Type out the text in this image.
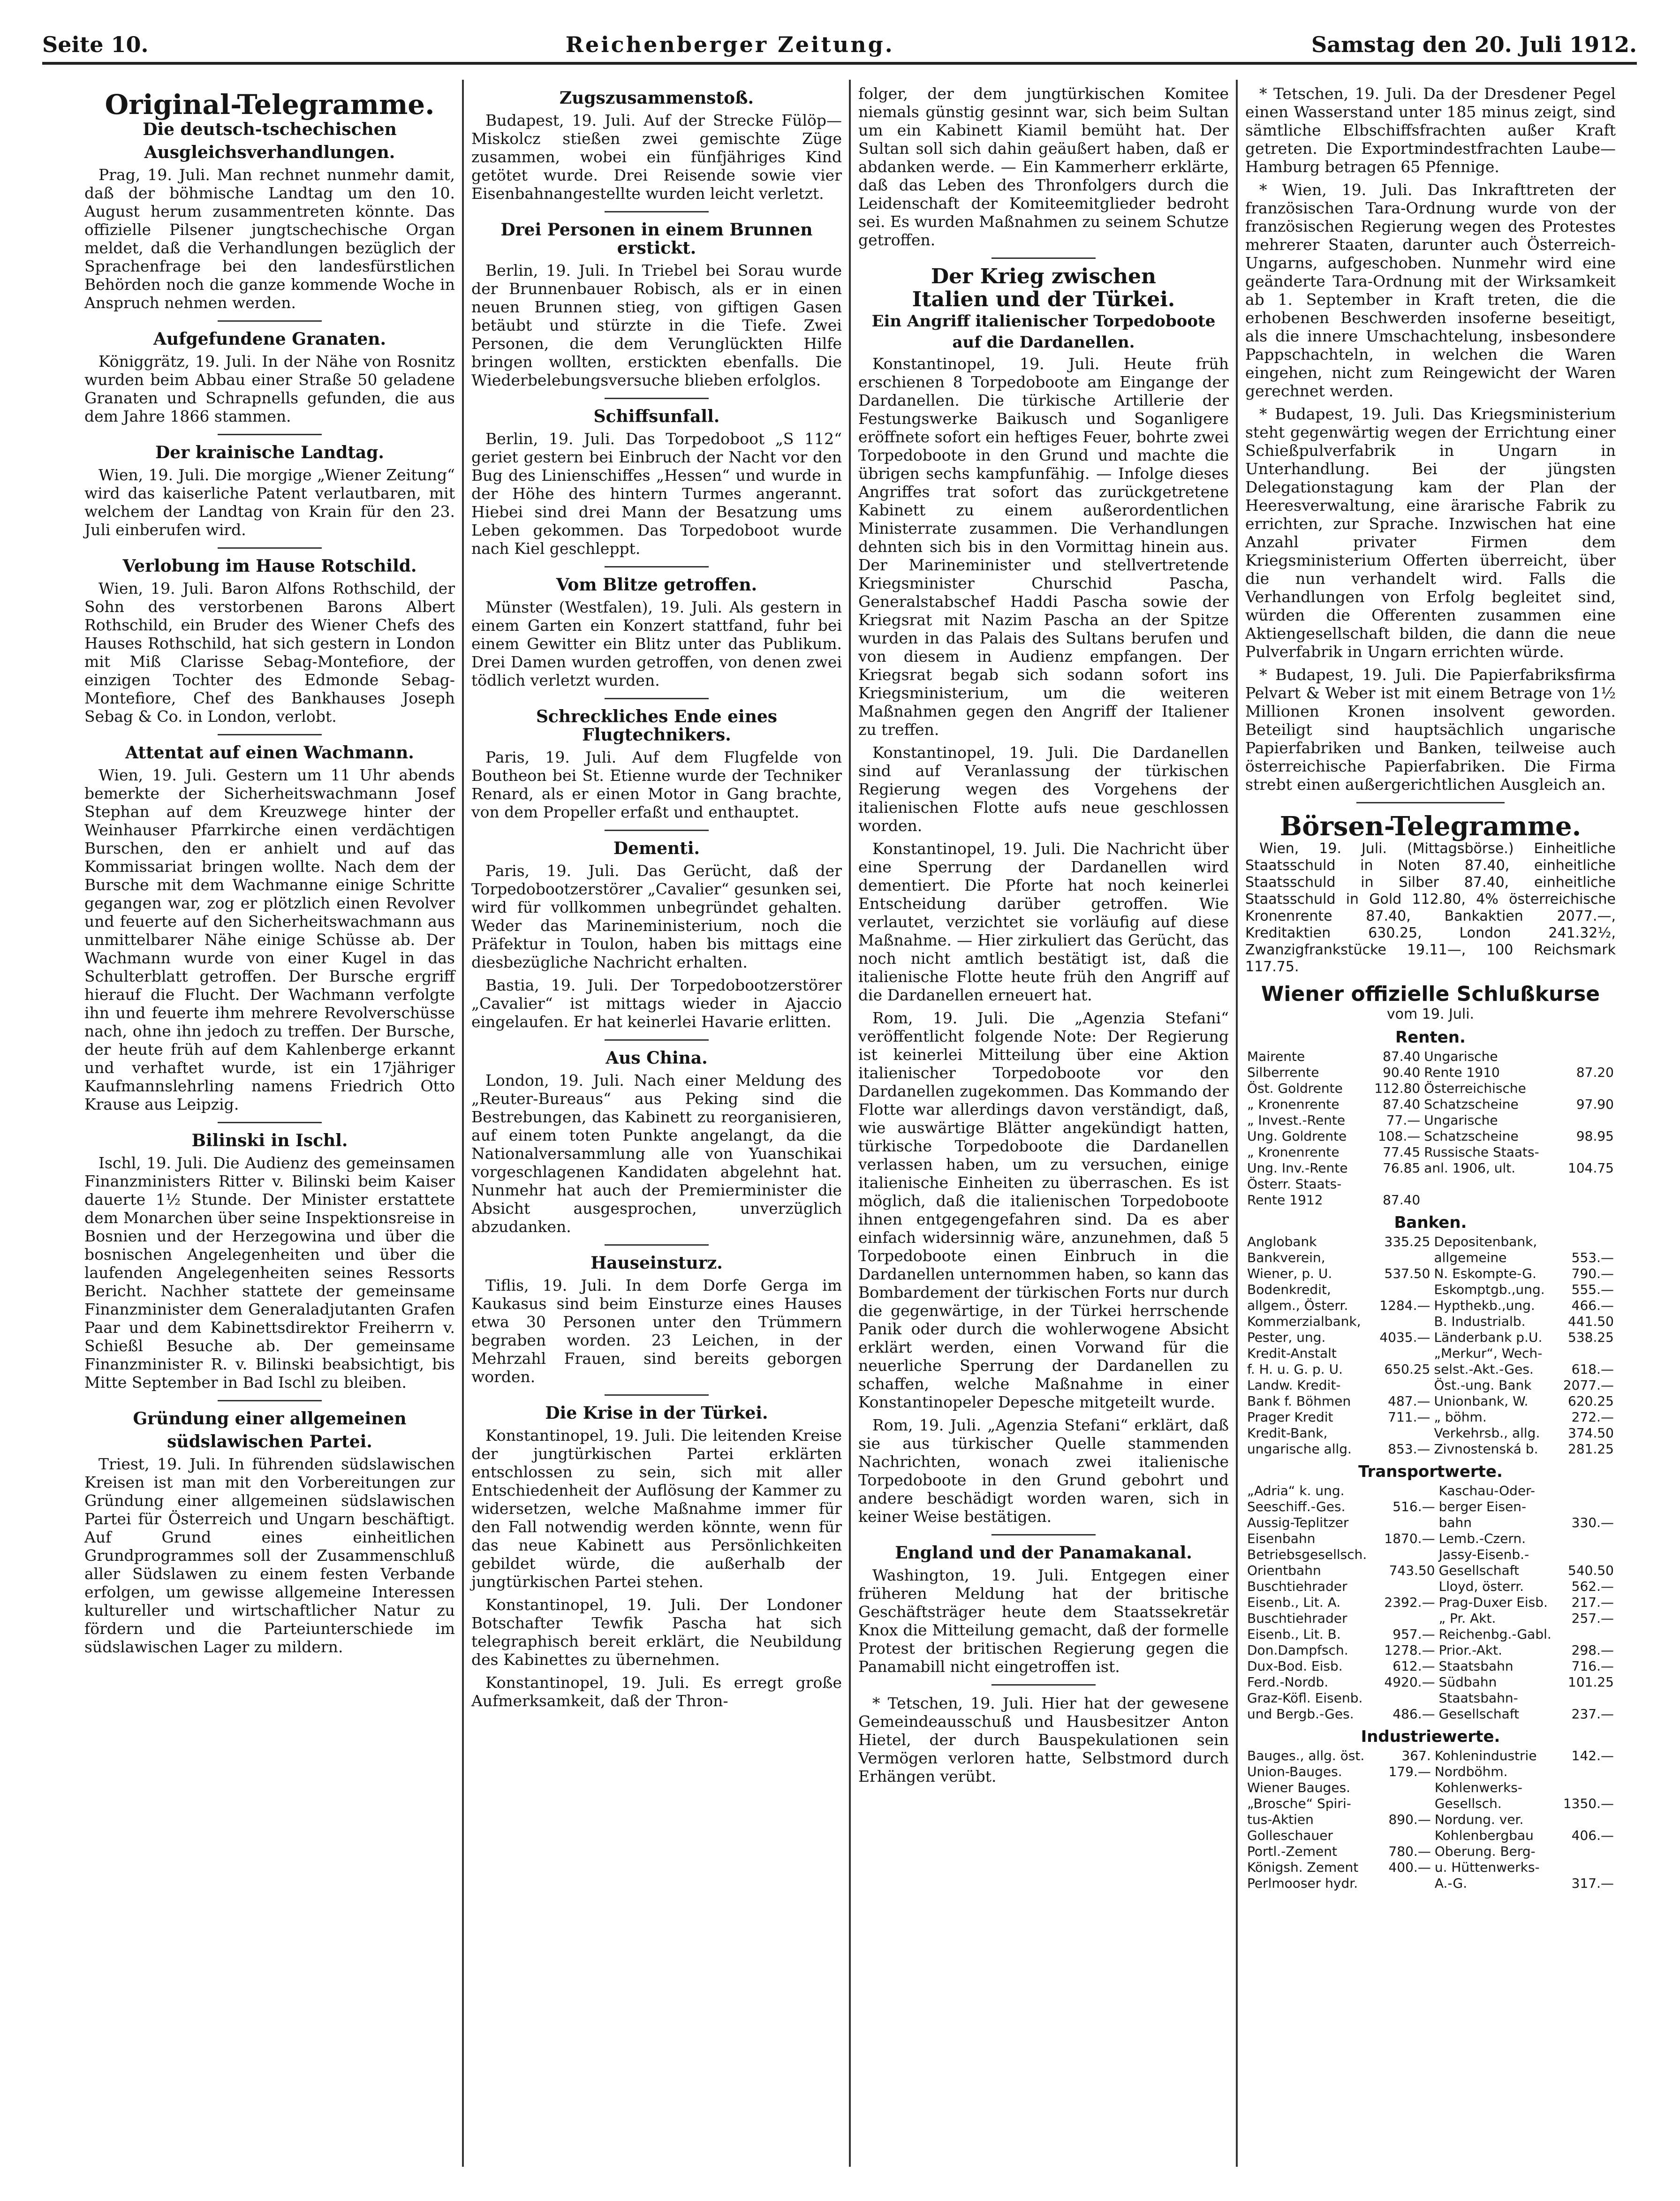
Seite 10.	Reichenberger Zeitung.	Samstag den 20. Juli 1912.
Original-Telegramme.
Die deutsch-tschechischen
Ausgleichsverhandlungen.

Prag, 19. Juli. Man rechnet nunmehr damit, daß der böhmische Landtag um den 10. August herum zusammentreten könnte. Das offizielle Pilsener jungtschechische Organ meldet, daß die Verhandlungen bezüglich der Sprachenfrage bei den landesfürstlichen Behörden noch die ganze kommende Woche in Anspruch nehmen werden.

Aufgefundene Granaten.

Königgrätz, 19. Juli. In der Nähe von Rosnitz wurden beim Abbau einer Straße 50 geladene Granaten und Schrapnells gefunden, die aus dem Jahre 1866 stammen.

Der krainische Landtag.

Wien, 19. Juli. Die morgige „Wiener Zeitung“ wird das kaiserliche Patent verlautbaren, mit welchem der Landtag von Krain für den 23. Juli einberufen wird.

Verlobung im Hause Rotschild.

Wien, 19. Juli. Baron Alfons Rothschild, der Sohn des verstorbenen Barons Albert Rothschild, ein Bruder des Wiener Chefs des Hauses Rothschild, hat sich gestern in London mit Miß Clarisse Sebag-Montefiore, der einzigen Tochter des Edmonde Sebag-Montefiore, Chef des Bankhauses Joseph Sebag & Co. in London, verlobt.

Attentat auf einen Wachmann.

Wien, 19. Juli. Gestern um 11 Uhr abends bemerkte der Sicherheitswachmann Josef Stephan auf dem Kreuzwege hinter der Weinhauser Pfarrkirche einen verdächtigen Burschen, den er anhielt und auf das Kommissariat bringen wollte. Nach dem der Bursche mit dem Wachmanne einige Schritte gegangen war, zog er plötzlich einen Revolver und feuerte auf den Sicherheitswachmann aus unmittelbarer Nähe einige Schüsse ab. Der Wachmann wurde von einer Kugel in das Schulterblatt getroffen. Der Bursche ergriff hierauf die Flucht. Der Wachmann verfolgte ihn und feuerte ihm mehrere Revolverschüsse nach, ohne ihn jedoch zu treffen. Der Bursche, der heute früh auf dem Kahlenberge erkannt und verhaftet wurde, ist ein 17jähriger Kaufmannslehrling namens Friedrich Otto Krause aus Leipzig.

Bilinski in Ischl.

Ischl, 19. Juli. Die Audienz des gemeinsamen Finanzministers Ritter v. Bilinski beim Kaiser dauerte 1½ Stunde. Der Minister erstattete dem Monarchen über seine Inspektionsreise in Bosnien und der Herzegowina und über die bosnischen Angelegenheiten und über die laufenden Angelegenheiten seines Ressorts Bericht. Nachher stattete der gemeinsame Finanzminister dem Generaladjutanten Grafen Paar und dem Kabinettsdirektor Freiherrn v. Schießl Besuche ab. Der gemeinsame Finanzminister R. v. Bilinski beabsichtigt, bis Mitte September in Bad Ischl zu bleiben.

Gründung einer allgemeinen
südslawischen Partei.

Triest, 19. Juli. In führenden südslawischen Kreisen ist man mit den Vorbereitungen zur Gründung einer allgemeinen südslawischen Partei für Österreich und Ungarn beschäftigt. Auf Grund eines einheitlichen Grundprogrammes soll der Zusammenschluß aller Südslawen zu einem festen Verbande erfolgen, um gewisse allgemeine Interessen kultureller und wirtschaftlicher Natur zu fördern und die Parteiunterschiede im südslawischen Lager zu mildern.

Zugszusammenstoß.

Budapest, 19. Juli. Auf der Strecke Fülöp—Miskolcz stießen zwei gemischte Züge zusammen, wobei ein fünfjähriges Kind getötet wurde. Drei Reisende sowie vier Eisenbahnangestellte wurden leicht verletzt.

Drei Personen in einem Brunnen erstickt.

Berlin, 19. Juli. In Triebel bei Sorau wurde der Brunnenbauer Robisch, als er in einen neuen Brunnen stieg, von giftigen Gasen betäubt und stürzte in die Tiefe. Zwei Personen, die dem Verunglückten Hilfe bringen wollten, erstickten ebenfalls. Die Wiederbelebungsversuche blieben erfolglos.

Schiffsunfall.

Berlin, 19. Juli. Das Torpedoboot „S 112“ geriet gestern bei Einbruch der Nacht vor den Bug des Linienschiffes „Hessen“ und wurde in der Höhe des hintern Turmes angerannt. Hiebei sind drei Mann der Besatzung ums Leben gekommen. Das Torpedoboot wurde nach Kiel geschleppt.

Vom Blitze getroffen.

Münster (Westfalen), 19. Juli. Als gestern in einem Garten ein Konzert stattfand, fuhr bei einem Gewitter ein Blitz unter das Publikum. Drei Damen wurden getroffen, von denen zwei tödlich verletzt wurden.

Schreckliches Ende eines Flugtechnikers.

Paris, 19. Juli. Auf dem Flugfelde von Boutheon bei St. Etienne wurde der Techniker Renard, als er einen Motor in Gang brachte, von dem Propeller erfaßt und enthauptet.

Dementi.

Paris, 19. Juli. Das Gerücht, daß der Torpedobootzerstörer „Cavalier“ gesunken sei, wird für vollkommen unbegründet gehalten. Weder das Marineministerium, noch die Präfektur in Toulon, haben bis mittags eine diesbezügliche Nachricht erhalten.

Bastia, 19. Juli. Der Torpedobootzerstörer „Cavalier“ ist mittags wieder in Ajaccio eingelaufen. Er hat keinerlei Havarie erlitten.

Aus China.

London, 19. Juli. Nach einer Meldung des „Reuter-Bureaus“ aus Peking sind die Bestrebungen, das Kabinett zu reorganisieren, auf einem toten Punkte angelangt, da die Nationalversammlung alle von Yuanschikai vorgeschlagenen Kandidaten abgelehnt hat. Nunmehr hat auch der Premierminister die Absicht ausgesprochen, unverzüglich abzudanken.

Hauseinsturz.

Tiflis, 19. Juli. In dem Dorfe Gerga im Kaukasus sind beim Einsturze eines Hauses etwa 30 Personen unter den Trümmern begraben worden. 23 Leichen, in der Mehrzahl Frauen, sind bereits geborgen worden.

Die Krise in der Türkei.

Konstantinopel, 19. Juli. Die leitenden Kreise der jungtürkischen Partei erklärten entschlossen zu sein, sich mit aller Entschiedenheit der Auflösung der Kammer zu widersetzen, welche Maßnahme immer für den Fall notwendig werden könnte, wenn für das neue Kabinett aus Persönlichkeiten gebildet würde, die außerhalb der jungtürkischen Partei stehen.

Konstantinopel, 19. Juli. Der Londoner Botschafter Tewfik Pascha hat sich telegraphisch bereit erklärt, die Neubildung des Kabinettes zu übernehmen.

Konstantinopel, 19. Juli. Es erregt große Aufmerksamkeit, daß der Thron-

folger, der dem jungtürkischen Komitee niemals günstig gesinnt war, sich beim Sultan um ein Kabinett Kiamil bemüht hat. Der Sultan soll sich dahin geäußert haben, daß er abdanken werde. — Ein Kammerherr erklärte, daß das Leben des Thronfolgers durch die Leidenschaft der Komiteemitglieder bedroht sei. Es wurden Maßnahmen zu seinem Schutze getroffen.

Der Krieg zwischen
Italien und der Türkei.
Ein Angriff italienischer Torpedoboote
auf die Dardanellen.

Konstantinopel, 19. Juli. Heute früh erschienen 8 Torpedoboote am Eingange der Dardanellen. Die türkische Artillerie der Festungswerke Baikusch und Soganligere eröffnete sofort ein heftiges Feuer, bohrte zwei Torpedoboote in den Grund und machte die übrigen sechs kampfunfähig. — Infolge dieses Angriffes trat sofort das zurückgetretene Kabinett zu einem außerordentlichen Ministerrate zusammen. Die Verhandlungen dehnten sich bis in den Vormittag hinein aus. Der Marineminister und stellvertretende Kriegsminister Churschid Pascha, Generalstabschef Haddi Pascha sowie der Kriegsrat mit Nazim Pascha an der Spitze wurden in das Palais des Sultans berufen und von diesem in Audienz empfangen. Der Kriegsrat begab sich sodann sofort ins Kriegsministerium, um die weiteren Maßnahmen gegen den Angriff der Italiener zu treffen.

Konstantinopel, 19. Juli. Die Dardanellen sind auf Veranlassung der türkischen Regierung wegen des Vorgehens der italienischen Flotte aufs neue geschlossen worden.

Konstantinopel, 19. Juli. Die Nachricht über eine Sperrung der Dardanellen wird dementiert. Die Pforte hat noch keinerlei Entscheidung darüber getroffen. Wie verlautet, verzichtet sie vorläufig auf diese Maßnahme. — Hier zirkuliert das Gerücht, das noch nicht amtlich bestätigt ist, daß die italienische Flotte heute früh den Angriff auf die Dardanellen erneuert hat.

Rom, 19. Juli. Die „Agenzia Stefani“ veröffentlicht folgende Note: Der Regierung ist keinerlei Mitteilung über eine Aktion italienischer Torpedoboote vor den Dardanellen zugekommen. Das Kommando der Flotte war allerdings davon verständigt, daß, wie auswärtige Blätter angekündigt hatten, türkische Torpedoboote die Dardanellen verlassen haben, um zu versuchen, einige italienische Einheiten zu überraschen. Es ist möglich, daß die italienischen Torpedoboote ihnen entgegengefahren sind. Da es aber einfach widersinnig wäre, anzunehmen, daß 5 Torpedoboote einen Einbruch in die Dardanellen unternommen haben, so kann das Bombardement der türkischen Forts nur durch die gegenwärtige, in der Türkei herrschende Panik oder durch die wohlerwogene Absicht erklärt werden, einen Vorwand für die neuerliche Sperrung der Dardanellen zu schaffen, welche Maßnahme in einer Konstantinopeler Depesche mitgeteilt wurde.

Rom, 19. Juli. „Agenzia Stefani“ erklärt, daß sie aus türkischer Quelle stammenden Nachrichten, wonach zwei italienische Torpedoboote in den Grund gebohrt und andere beschädigt worden waren, sich in keiner Weise bestätigen.

England und der Panamakanal.

Washington, 19. Juli. Entgegen einer früheren Meldung hat der britische Geschäftsträger heute dem Staatssekretär Knox die Mitteilung gemacht, daß der formelle Protest der britischen Regierung gegen die Panamabill nicht eingetroffen ist.

* Tetschen, 19. Juli. Hier hat der gewesene Gemeindeausschuß und Hausbesitzer Anton Hietel, der durch Bauspekulationen sein Vermögen verloren hatte, Selbstmord durch Erhängen verübt.

* Tetschen, 19. Juli. Da der Dresdener Pegel einen Wasserstand unter 185 minus zeigt, sind sämtliche Elbschiffsfrachten außer Kraft getreten. Die Exportmindestfrachten Laube—Hamburg betragen 65 Pfennige.

* Wien, 19. Juli. Das Inkrafttreten der französischen Tara-Ordnung wurde von der französischen Regierung wegen des Protestes mehrerer Staaten, darunter auch Österreich-Ungarns, aufgeschoben. Nunmehr wird eine geänderte Tara-Ordnung mit der Wirksamkeit ab 1. September in Kraft treten, die die erhobenen Beschwerden insoferne beseitigt, als die innere Umschachtelung, insbesondere Pappschachteln, in welchen die Waren eingehen, nicht zum Reingewicht der Waren gerechnet werden.

* Budapest, 19. Juli. Das Kriegsministerium steht gegenwärtig wegen der Errichtung einer Schießpulverfabrik in Ungarn in Unterhandlung. Bei der jüngsten Delegationstagung kam der Plan der Heeresverwaltung, eine ärarische Fabrik zu errichten, zur Sprache. Inzwischen hat eine Anzahl privater Firmen dem Kriegsministerium Offerten überreicht, über die nun verhandelt wird. Falls die Verhandlungen von Erfolg begleitet sind, würden die Offerenten zusammen eine Aktiengesellschaft bilden, die dann die neue Pulverfabrik in Ungarn errichten würde.

* Budapest, 19. Juli. Die Papierfabriksfirma Pelvart & Weber ist mit einem Betrage von 1½ Millionen Kronen insolvent geworden. Beteiligt sind hauptsächlich ungarische Papierfabriken und Banken, teilweise auch österreichische Papierfabriken. Die Firma strebt einen außergerichtlichen Ausgleich an.

Börsen-Telegramme.

Wien, 19. Juli. (Mittagsbörse.) Einheitliche Staatsschuld in Noten 87.40, einheitliche Staatsschuld in Silber 87.40, einheitliche Staatsschuld in Gold 112.80, 4% österreichische Kronenrente 87.40, Bankaktien 2077.—, Kreditaktien 630.25, London 241.32½, Zwanzigfrankstücke 19.11—, 100 Reichsmark 117.75.

Wiener offizielle Schlußkurse
vom 19. Juli.
Renten.
Mairente	87.40	Ungarische	
Silberrente	90.40	Rente 1910	87.20
Öst. Goldrente	112.80	Österreichische	
„ Kronenrente	87.40	Schatzscheine	97.90
„ Invest.-Rente	77.—	Ungarische	
Ung. Goldrente	108.—	Schatzscheine	98.95
„ Kronenrente	77.45	Russische Staats-	
Ung. Inv.-Rente	76.85	anl. 1906, ult.	104.75
Österr. Staats-			
Rente 1912	87.40		
Banken.
Anglobank	335.25	Depositenbank,	
Bankverein,		allgemeine	553.—
Wiener, p. U.	537.50	N. Eskompte-G.	790.—
Bodenkredit,		Eskomptgb.,ung.	555.—
allgem., Österr.	1284.—	Hypthekb.,ung.	466.—
Kommerzialbank,		B. Industrialb.	441.50
Pester, ung.	4035.—	Länderbank p.U.	538.25
Kredit-Anstalt		„Merkur“, Wech-	
f. H. u. G. p. U.	650.25	selst.-Akt.-Ges.	618.—
Landw. Kredit-		Öst.-ung. Bank	2077.—
Bank f. Böhmen	487.—	Unionbank, W.	620.25
Prager Kredit	711.—	„ böhm.	272.—
Kredit-Bank,		Verkehrsb., allg.	374.50
ungarische allg.	853.—	Zivnostenská b.	281.25
Transportwerte.
„Adria“ k. ung.		Kaschau-Oder-	
Seeschiff.-Ges.	516.—	berger Eisen-	
Aussig-Teplitzer		bahn	330.—
Eisenbahn	1870.—	Lemb.-Czern.	
Betriebsgesellsch.		Jassy-Eisenb.-	
Orientbahn	743.50	Gesellschaft	540.50
Buschtiehrader		Lloyd, österr.	562.—
Eisenb., Lit. A.	2392.—	Prag-Duxer Eisb.	217.—
Buschtiehrader		„ Pr. Akt.	257.—
Eisenb., Lit. B.	957.—	Reichenbg.-Gabl.	
Don.Dampfsch.	1278.—	Prior.-Akt.	298.—
Dux-Bod. Eisb.	612.—	Staatsbahn	716.—
Ferd.-Nordb.	4920.—	Südbahn	101.25
Graz-Köfl. Eisenb.		Staatsbahn-	
und Bergb.-Ges.	486.—	Gesellschaft	237.—
Industriewerte.
Bauges., allg. öst.	367.	Kohlenindustrie	142.—
Union-Bauges.	179.—	Nordböhm.	
Wiener Bauges.		Kohlenwerks-	
„Brosche“ Spiri-		Gesellsch.	1350.—
tus-Aktien	890.—	Nordung. ver.	
Golleschauer		Kohlenbergbau	406.—
Portl.-Zement	780.—	Oberung. Berg-	
Königsh. Zement	400.—	u. Hüttenwerks-	
Perlmooser hydr.		A.-G.	317.—
